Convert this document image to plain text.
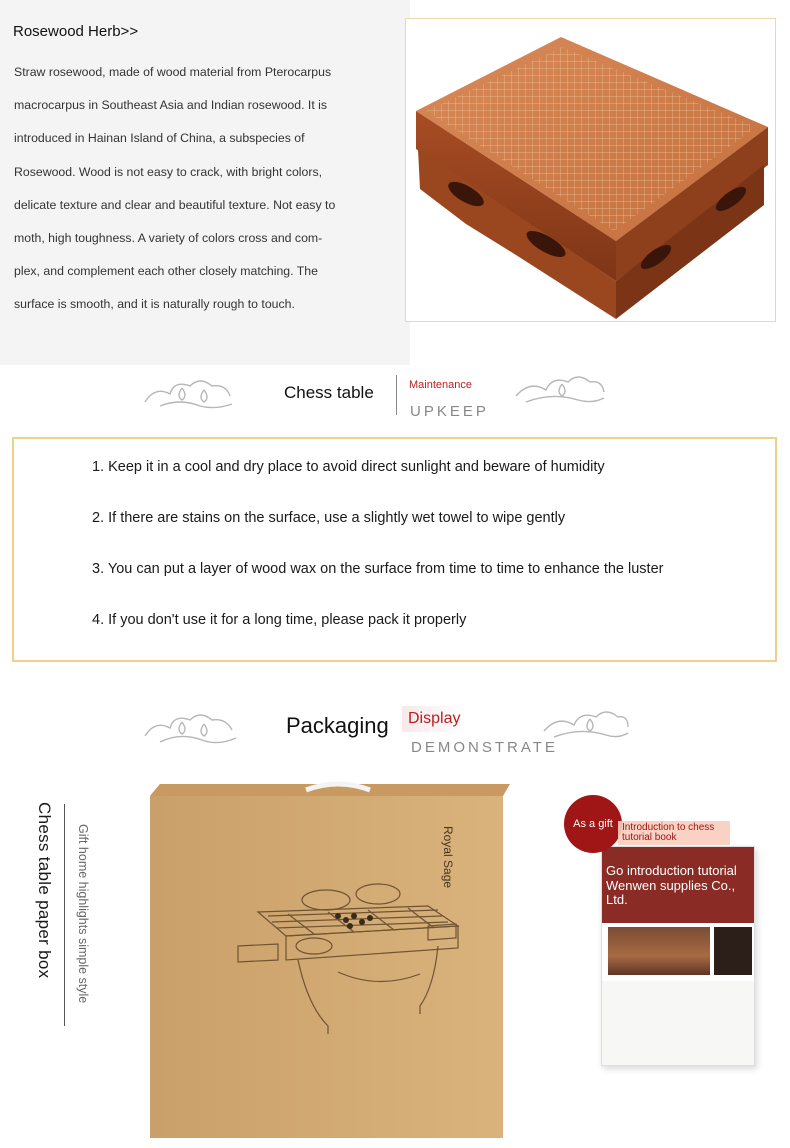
Rosewood Herb>>
Straw rosewood, made of wood material from Pterocarpus
macrocarpus in Southeast Asia and Indian rosewood. It is
introduced in Hainan Island of China, a subspecies of
Rosewood. Wood is not easy to crack, with bright colors,
delicate texture and clear and beautiful texture. Not easy to
moth, high toughness. A variety of colors cross and com-
plex, and complement each other closely matching. The
surface is smooth, and it is naturally rough to touch.
Chess table	Maintenance
UPKEEP
1. Keep it in a cool and dry place to avoid direct sunlight and beware of humidity
2. If there are stains on the surface, use a slightly wet towel to wipe gently
3. You can put a layer of wood wax on the surface from time to time to enhance the luster
4. If you don't use it for a long time, please pack it properly
Packaging	Display
DEMONSTRATE
Chess table paper box Gift home highlights simple style	Royal Sage	Go introduction tutorial Wenwen supplies Co., Ltd.
As a gift Introduction to chess tutorial book
